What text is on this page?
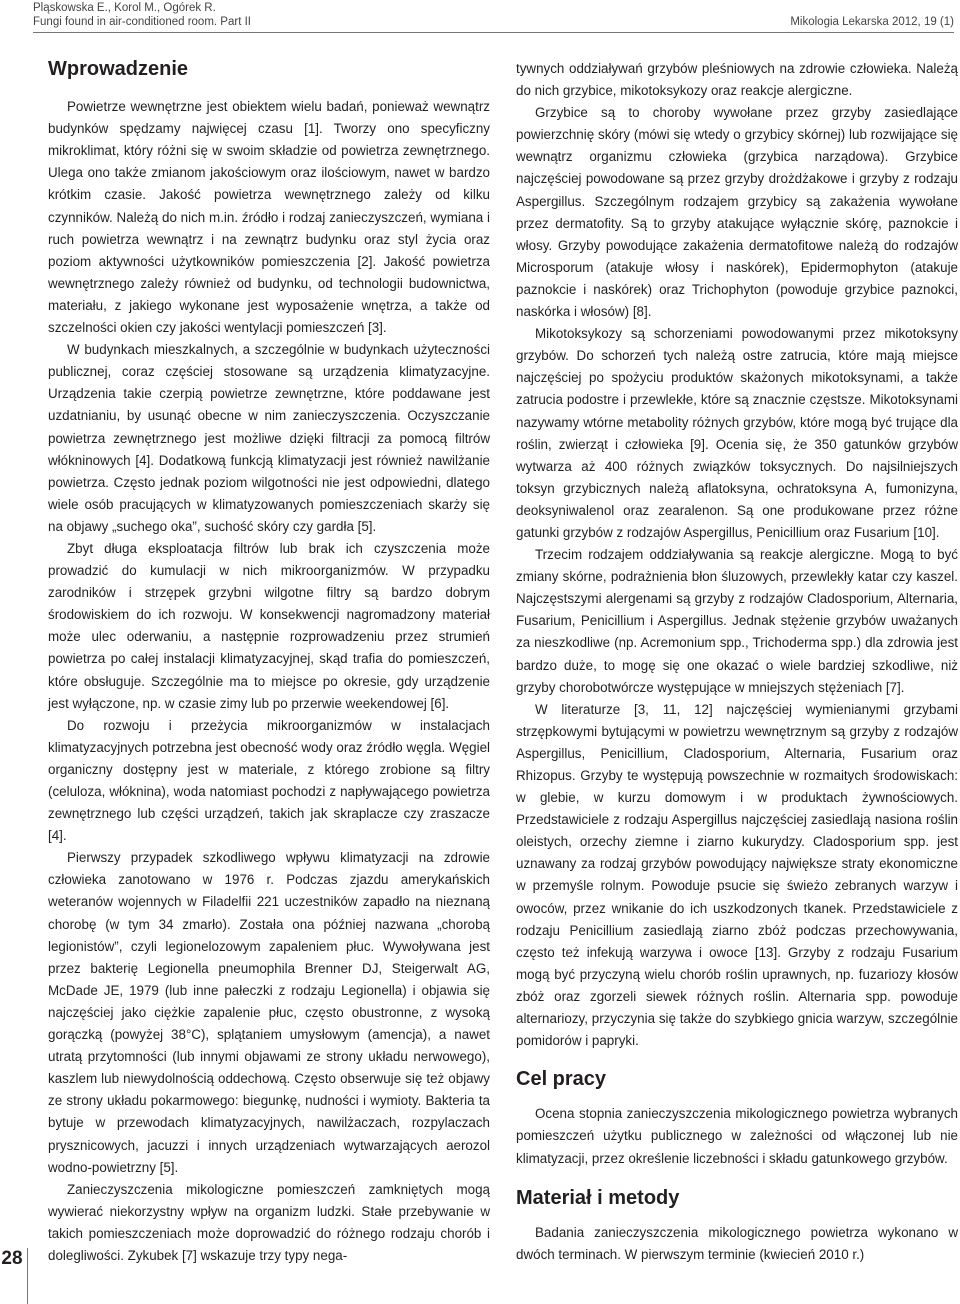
Pląskowska E., Korol M., Ogórek R.
Fungi found in air-conditioned room. Part II	Mikologia Lekarska 2012, 19 (1)
Wprowadzenie

Powietrze wewnętrzne jest obiektem wielu badań, ponieważ wewnątrz budynków spędzamy najwięcej czasu [1]. Tworzy ono specyficzny mikroklimat, który różni się w swoim składzie od powietrza zewnętrznego. Ulega ono także zmianom jakościowym oraz ilościowym, nawet w bardzo krótkim czasie. Jakość powietrza wewnętrznego zależy od kilku czynników. Należą do nich m.in. źródło i rodzaj zanieczyszczeń, wymiana i ruch powietrza wewnątrz i na zewnątrz budynku oraz styl życia oraz poziom aktywności użytkowników pomieszczenia [2]. Jakość powietrza wewnętrznego zależy również od budynku, od technologii budownictwa, materiału, z jakiego wykonane jest wyposażenie wnętrza, a także od szczelności okien czy jakości wentylacji pomieszczeń [3].

W budynkach mieszkalnych, a szczególnie w budynkach użyteczności publicznej, coraz częściej stosowane są urządzenia klimatyzacyjne. Urządzenia takie czerpią powietrze zewnętrzne, które poddawane jest uzdatnianiu, by usunąć obecne w nim zanieczyszczenia. Oczyszczanie powietrza zewnętrznego jest możliwe dzięki filtracji za pomocą filtrów włókninowych [4]. Dodatkową funkcją klimatyzacji jest również nawilżanie powietrza. Często jednak poziom wilgotności nie jest odpowiedni, dlatego wiele osób pracujących w klimatyzowanych pomieszczeniach skarży się na objawy „suchego oka”, suchość skóry czy gardła [5].

Zbyt długa eksploatacja filtrów lub brak ich czyszczenia może prowadzić do kumulacji w nich mikroorganizmów. W przypadku zarodników i strzępek grzybni wilgotne filtry są bardzo dobrym środowiskiem do ich rozwoju. W konsekwencji nagromadzony materiał może ulec oderwaniu, a następnie rozprowadzeniu przez strumień powietrza po całej instalacji klimatyzacyjnej, skąd trafia do pomieszczeń, które obsługuje. Szczególnie ma to miejsce po okresie, gdy urządzenie jest wyłączone, np. w czasie zimy lub po przerwie weekendowej [6].

Do rozwoju i przeżycia mikroorganizmów w instalacjach klimatyzacyjnych potrzebna jest obecność wody oraz źródło węgla. Węgiel organiczny dostępny jest w materiale, z którego zrobione są filtry (celuloza, włóknina), woda natomiast pochodzi z napływającego powietrza zewnętrznego lub części urządzeń, takich jak skraplacze czy zraszacze [4].

Pierwszy przypadek szkodliwego wpływu klimatyzacji na zdrowie człowieka zanotowano w 1976 r. Podczas zjazdu amerykańskich weteranów wojennych w Filadelfii 221 uczestników zapadło na nieznaną chorobę (w tym 34 zmarło). Została ona później nazwana „chorobą legionistów”, czyli legionelozowym zapaleniem płuc. Wywoływana jest przez bakterię Legionella pneumophila Brenner DJ, Steigerwalt AG, McDade JE, 1979 (lub inne pałeczki z rodzaju Legionella) i objawia się najczęściej jako ciężkie zapalenie płuc, często obustronne, z wysoką gorączką (powyżej 38°C), splątaniem umysłowym (amencja), a nawet utratą przytomności (lub innymi objawami ze strony układu nerwowego), kaszlem lub niewydolnością oddechową. Często obserwuje się też objawy ze strony układu pokarmowego: biegunkę, nudności i wymioty. Bakteria ta bytuje w przewodach klimatyzacyjnych, nawilżaczach, rozpylaczach prysznicowych, jacuzzi i innych urządzeniach wytwarzających aerozol wodno-powietrzny [5].

Zanieczyszczenia mikologiczne pomieszczeń zamkniętych mogą wywierać niekorzystny wpływ na organizm ludzki. Stałe przebywanie w takich pomieszczeniach może doprowadzić do różnego rodzaju chorób i dolegliwości. Zykubek [7] wskazuje trzy typy nega-

tywnych oddziaływań grzybów pleśniowych na zdrowie człowieka. Należą do nich grzybice, mikotoksykozy oraz reakcje alergiczne.

Grzybice są to choroby wywołane przez grzyby zasiedlające powierzchnię skóry (mówi się wtedy o grzybicy skórnej) lub rozwijające się wewnątrz organizmu człowieka (grzybica narządowa). Grzybice najczęściej powodowane są przez grzyby drożdżakowe i grzyby z rodzaju Aspergillus. Szczególnym rodzajem grzybicy są zakażenia wywołane przez dermatofity. Są to grzyby atakujące wyłącznie skórę, paznokcie i włosy. Grzyby powodujące zakażenia dermatofitowe należą do rodzajów Microsporum (atakuje włosy i naskórek), Epidermophyton (atakuje paznokcie i naskórek) oraz Trichophyton (powoduje grzybice paznokci, naskórka i włosów) [8].

Mikotoksykozy są schorzeniami powodowanymi przez mikotoksyny grzybów. Do schorzeń tych należą ostre zatrucia, które mają miejsce najczęściej po spożyciu produktów skażonych mikotoksynami, a także zatrucia podostre i przewlekłe, które są znacznie częstsze. Mikotoksynami nazywamy wtórne metabolity różnych grzybów, które mogą być trujące dla roślin, zwierząt i człowieka [9]. Ocenia się, że 350 gatunków grzybów wytwarza aż 400 różnych związków toksycznych. Do najsilniejszych toksyn grzybicznych należą aflatoksyna, ochratoksyna A, fumonizyna, deoksyniwalenol oraz zearalenon. Są one produkowane przez różne gatunki grzybów z rodzajów Aspergillus, Penicillium oraz Fusarium [10].

Trzecim rodzajem oddziaływania są reakcje alergiczne. Mogą to być zmiany skórne, podrażnienia błon śluzowych, przewlekły katar czy kaszel. Najczęstszymi alergenami są grzyby z rodzajów Cladosporium, Alternaria, Fusarium, Penicillium i Aspergillus. Jednak stężenie grzybów uważanych za nieszkodliwe (np. Acremonium spp., Trichoderma spp.) dla zdrowia jest bardzo duże, to mogę się one okazać o wiele bardziej szkodliwe, niż grzyby chorobotwórcze występujące w mniejszych stężeniach [7].

W literaturze [3, 11, 12] najczęściej wymienianymi grzybami strzępkowymi bytującymi w powietrzu wewnętrznym są grzyby z rodzajów Aspergillus, Penicillium, Cladosporium, Alternaria, Fusarium oraz Rhizopus. Grzyby te występują powszechnie w rozmaitych środowiskach: w glebie, w kurzu domowym i w produktach żywnościowych. Przedstawiciele z rodzaju Aspergillus najczęściej zasiedlają nasiona roślin oleistych, orzechy ziemne i ziarno kukurydzy. Cladosporium spp. jest uznawany za rodzaj grzybów powodujący największe straty ekonomiczne w przemyśle rolnym. Powoduje psucie się świeżo zebranych warzyw i owoców, przez wnikanie do ich uszkodzonych tkanek. Przedstawiciele z rodzaju Penicillium zasiedlają ziarno zbóż podczas przechowywania, często też infekują warzywa i owoce [13]. Grzyby z rodzaju Fusarium mogą być przyczyną wielu chorób roślin uprawnych, np. fuzariozy kłosów zbóż oraz zgorzeli siewek różnych roślin. Alternaria spp. powoduje alternariozy, przyczynia się także do szybkiego gnicia warzyw, szczególnie pomidorów i papryki.

Cel pracy

Ocena stopnia zanieczyszczenia mikologicznego powietrza wybranych pomieszczeń użytku publicznego w zależności od włączonej lub nie klimatyzacji, przez określenie liczebności i składu gatunkowego grzybów.

Materiał i metody

Badania zanieczyszczenia mikologicznego powietrza wykonano w dwóch terminach. W pierwszym terminie (kwiecień 2010 r.)

28
